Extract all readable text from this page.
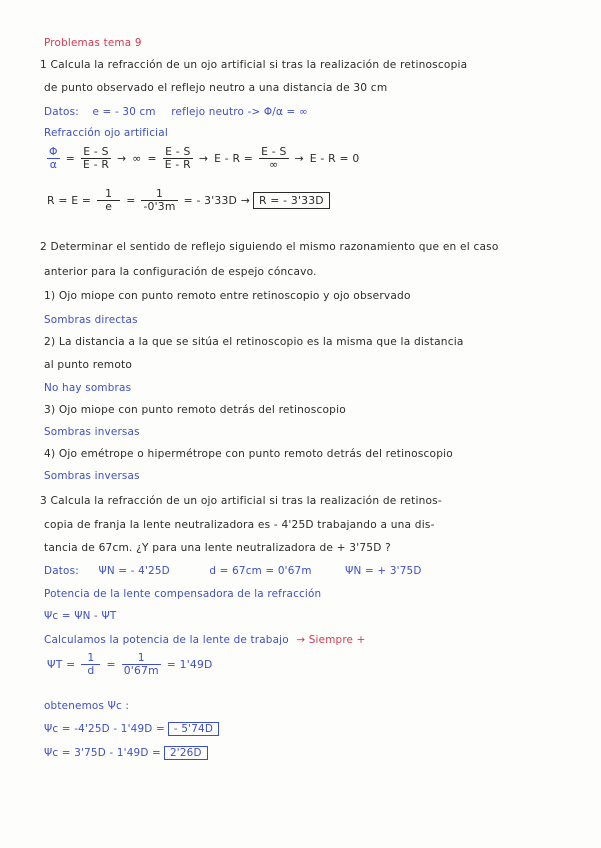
Problemas tema 9
1 Calcula la refracción de un ojo artificial si tras la realización de retinoscopia
de punto observado el reflejo neutro a una distancia de 30 cm
Datos: e = - 30 cm reflejo neutro -> Φ/α = ∞
Refracción ojo artificial
$\frac{\Phi}{\alpha} = \frac{E - S}{E - R}$ → ∞ = $\frac{E - S}{E - R} \to E - R = \frac{E - S}{\infty} \to E - R = 0$
$R = E = \frac{1}{e} = \frac{1}{-0'3m}$ = - 3'33D → R = - 3'33D
2 Determinar el sentido de reflejo siguiendo el mismo razonamiento que en el caso
anterior para la configuración de espejo cóncavo.
1) Ojo miope con punto remoto entre retinoscopio y ojo observado
Sombras directas
2) La distancia a la que se sitúa el retinoscopio es la misma que la distancia
al punto remoto
No hay sombras
3) Ojo miope con punto remoto detrás del retinoscopio
Sombras inversas
4) Ojo emétrope o hipermétrope con punto remoto detrás del retinoscopio
Sombras inversas
3 Calcula la refracción de un ojo artificial si tras la realización de retinos-
copia de franja la lente neutralizadora es - 4'25D trabajando a una dis-
tancia de 67cm. ¿Y para una lente neutralizadora de + 3'75D ?
Datos: ΨN = - 4'25D	d = 67cm = 0'67m	ΨN = + 3'75D
Potencia de la lente compensadora de la refracción
Ψc = ΨN - ΨT
Calculamos la potencia de la lente de trabajo → Siempre +
$\Psi T = \frac{1}{d} = \frac{1}{0'67m} = 1'49D$
obtenemos Ψc :
Ψc = -4'25D - 1'49D = - 5'74D
Ψc = 3'75D - 1'49D = 2'26D
